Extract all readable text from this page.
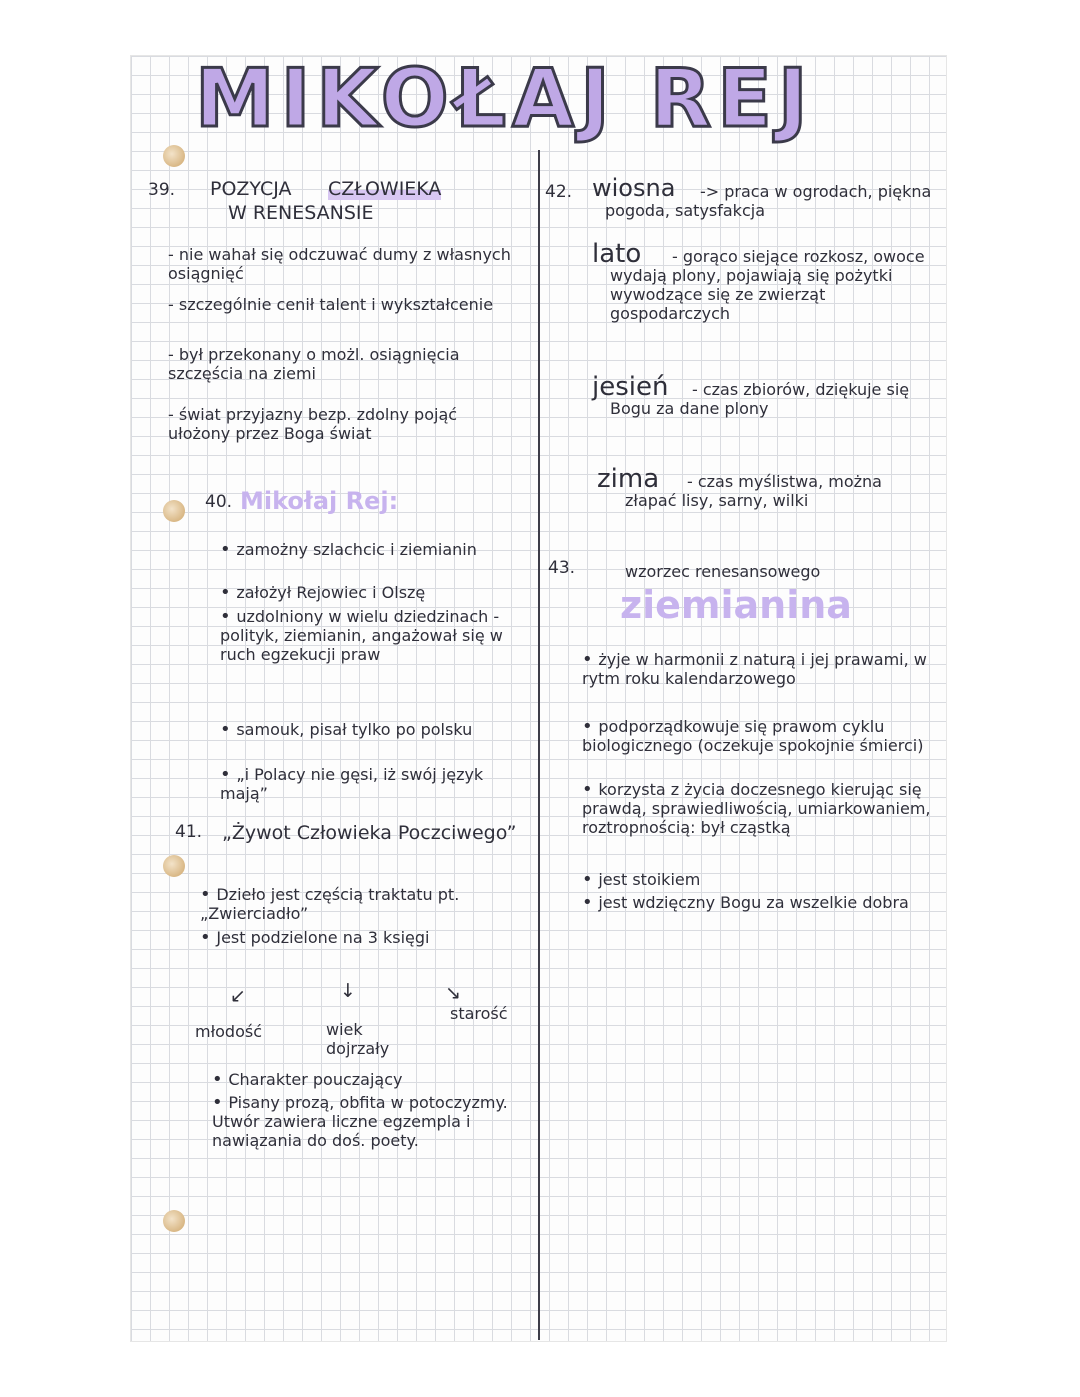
MIKOŁAJ REJ
39. POZYCJA CZŁOWIEKA
W RENESANSIE
- nie wahał się odczuwać dumy z własnych osiągnięć
- szczególnie cenił talent i wykształcenie
- był przekonany o możl. osiągnięcia szczęścia na ziemi
- świat przyjazny bezp. zdolny pojąć ułożony przez Boga świat
40. Mikołaj Rej:
• zamożny szlachcic i ziemianin
• założył Rejowiec i Olszę
• uzdolniony w wielu dziedzinach - polityk, ziemianin, angażował się w ruch egzekucji praw
• samouk, pisał tylko po polsku
• „i Polacy nie gęsi, iż swój język mają”
41. „Żywot Człowieka Poczciwego”
• Dzieło jest częścią traktatu pt. „Zwierciadło”
• Jest podzielone na 3 księgi
↙	↓	↘
młodość	wiek dojrzały
starość
• Charakter pouczający
• Pisany prozą, obfita w potoczyzmy. Utwór zawiera liczne egzempla i nawiązania do doś. poety.
42. wiosna	-> praca w ogrodach, piękna pogoda, satysfakcja
lato	- gorąco siejące rozkosz, owoce wydają plony, pojawiają się pożytki wywodzące się ze zwierząt gospodarczych
jesień	- czas zbiorów, dziękuje się Bogu za dane plony
zima	- czas myślistwa, można złapać lisy, sarny, wilki
43.	wzorzec renesansowego
ziemianina
• żyje w harmonii z naturą i jej prawami, w rytm roku kalendarzowego
• podporządkowuje się prawom cyklu biologicznego (oczekuje spokojnie śmierci)
• korzysta z życia doczesnego kierując się prawdą, sprawiedliwością, umiarkowaniem, roztropnością: był cząstką
• jest stoikiem
• jest wdzięczny Bogu za wszelkie dobra
